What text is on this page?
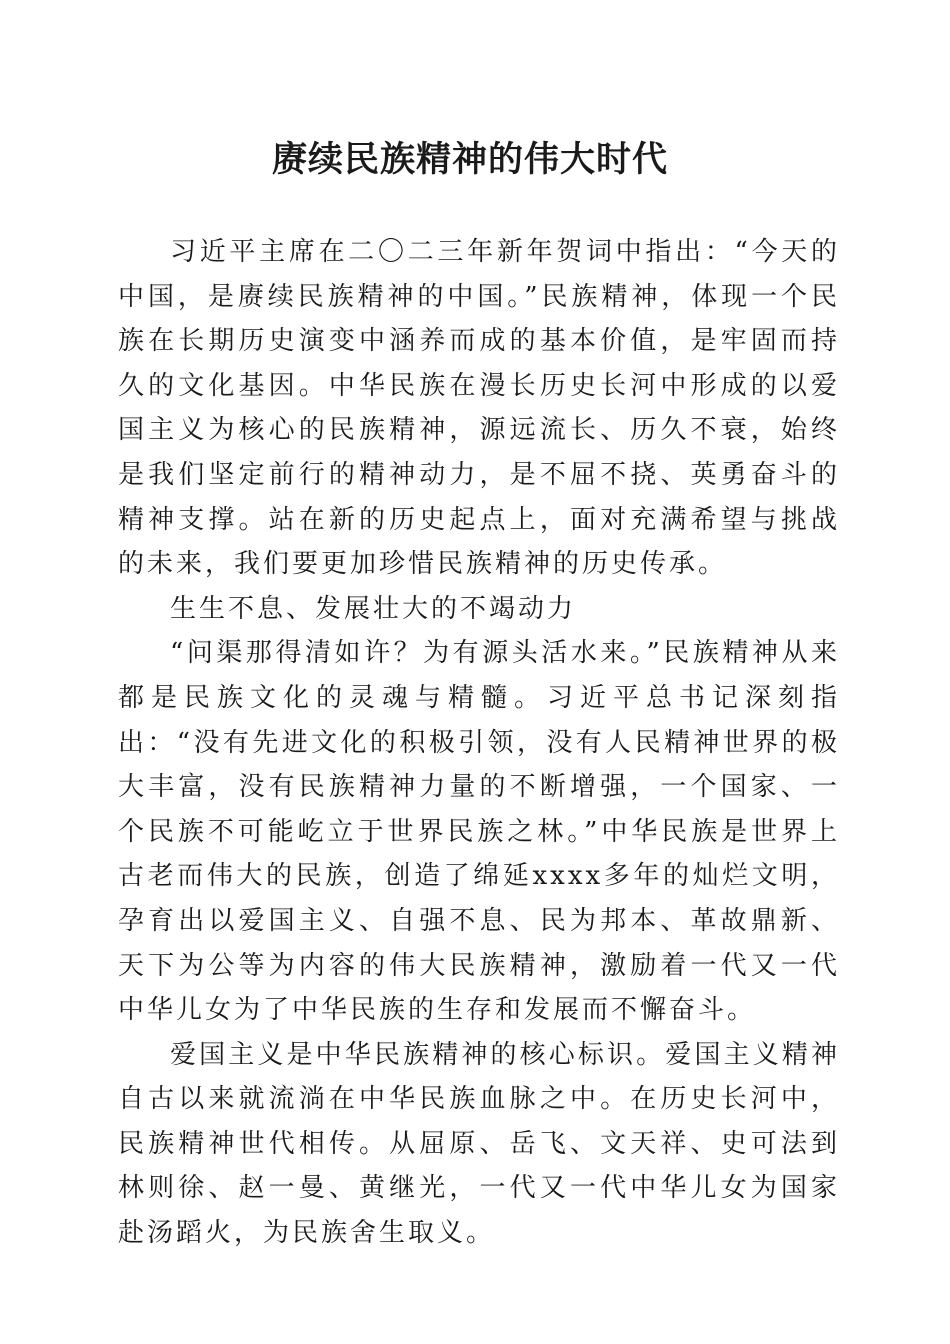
赓续民族精神的伟大时代

习近平主席在二〇二三年新年贺词中指出：“今天的中国，是赓续民族精神的中国。”民族精神，体现一个民族在长期历史演变中涵养而成的基本价值，是牢固而持久的文化基因。中华民族在漫长历史长河中形成的以爱国主义为核心的民族精神，源远流长、历久不衰，始终是我们坚定前行的精神动力，是不屈不挠、英勇奋斗的精神支撑。站在新的历史起点上，面对充满希望与挑战的未来，我们要更加珍惜民族精神的历史传承。

生生不息、发展壮大的不竭动力

“问渠那得清如许？为有源头活水来。”民族精神从来都是民族文化的灵魂与精髓。习近平总书记深刻指出：“没有先进文化的积极引领，没有人民精神世界的极大丰富，没有民族精神力量的不断增强，一个国家、一个民族不可能屹立于世界民族之林。”中华民族是世界上古老而伟大的民族，创造了绵延xxxx多年的灿烂文明，孕育出以爱国主义、自强不息、民为邦本、革故鼎新、天下为公等为内容的伟大民族精神，激励着一代又一代中华儿女为了中华民族的生存和发展而不懈奋斗。

爱国主义是中华民族精神的核心标识。爱国主义精神自古以来就流淌在中华民族血脉之中。在历史长河中，民族精神世代相传。从屈原、岳飞、文天祥、史可法到林则徐、赵一曼、黄继光，一代又一代中华儿女为国家赴汤蹈火，为民族舍生取义。
